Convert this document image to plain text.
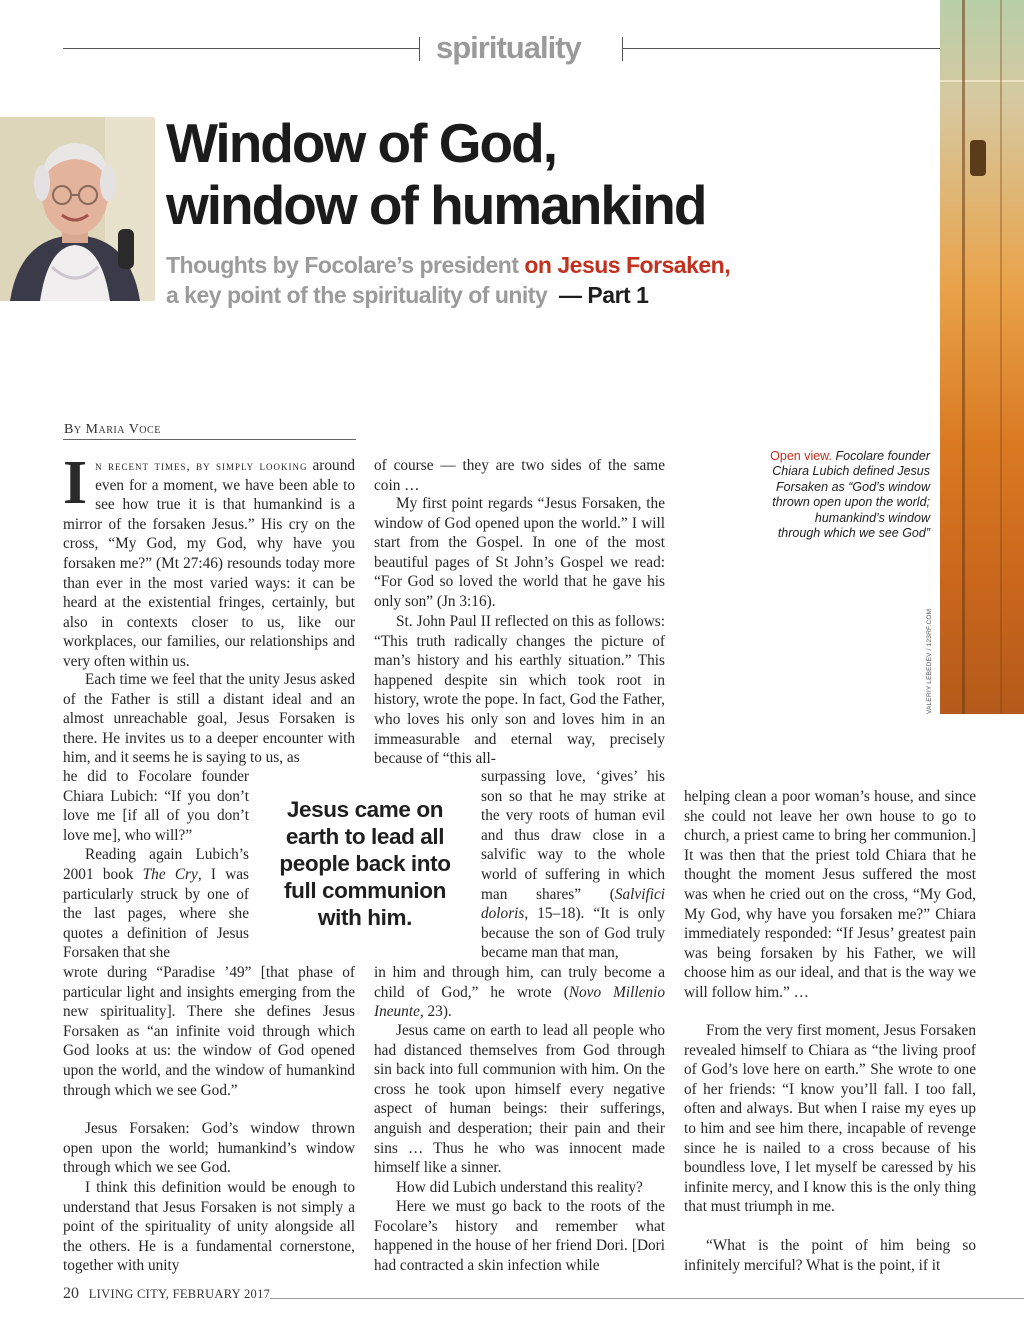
spirituality
Window of God,
window of humankind

Thoughts by Focolare’s president on Jesus Forsaken,
a key point of the spirituality of unity — Part 1

By Maria Voce
Open view. Focolare founder Chiara Lubich defined Jesus Forsaken as “God’s window thrown open upon the world; humankind’s window through which we see God”
VALERIY LEBEDEV / 123RF.COM

In recent times, by simply looking around even for a moment, we have been able to see how true it is that humankind is a mirror of the forsaken Jesus.” His cry on the cross, “My God, my God, why have you forsaken me?” (Mt 27:46) resounds today more than ever in the most varied ways: it can be heard at the existential fringes, certainly, but also in contexts closer to us, like our workplaces, our families, our relationships and very often within us.

Each time we feel that the unity Jesus asked of the Father is still a distant ideal and an almost unreachable goal, Jesus Forsaken is there. He invites us to a deeper encounter with him, and it seems he is saying to us, as

he did to Focolare founder Chiara Lubich: “If you don’t love me [if all of you don’t love me], who will?”
Reading again Lubich’s 2001 book The Cry, I was particularly struck by one of the last pages, where she quotes a definition of Jesus Forsaken that she

wrote during “Paradise ’49” [that phase of particular light and insights emerging from the new spirituality]. There she defines Jesus Forsaken as “an infinite void through which God looks at us: the window of God opened upon the world, and the window of humankind through which we see God.”

Jesus Forsaken: God’s window thrown open upon the world; humankind’s window through which we see God.

I think this definition would be enough to understand that Jesus Forsaken is not simply a point of the spirituality of unity alongside all the others. He is a fundamental cornerstone, together with unity

Jesus came on earth to lead all people back into full communion with him.

of course — they are two sides of the same coin …

My first point regards “Jesus Forsaken, the window of God opened upon the world.” I will start from the Gospel. In one of the most beautiful pages of St John’s Gospel we read: “For God so loved the world that he gave his only son” (Jn 3:16).

St. John Paul II reflected on this as follows: “This truth radically changes the picture of man’s history and his earthly situation.” This happened despite sin which took root in history, wrote the pope. In fact, God the Father, who loves his only son and loves him in an immeasurable and eternal way, precisely because of “this all-

surpassing love, ‘gives’ his son so that he may strike at the very roots of human evil and thus draw close in a salvific way to the whole world of suffering in which man shares” (Salvifici doloris, 15–18). “It is only because the son of God truly became man that man,

in him and through him, can truly become a child of God,” he wrote (Novo Millenio Ineunte, 23).

Jesus came on earth to lead all people who had distanced themselves from God through sin back into full communion with him. On the cross he took upon himself every negative aspect of human beings: their sufferings, anguish and desperation; their pain and their sins … Thus he who was innocent made himself like a sinner.

How did Lubich understand this reality?

Here we must go back to the roots of the Focolare’s history and remember what happened in the house of her friend Dori. [Dori had contracted a skin infection while

helping clean a poor woman’s house, and since she could not leave her own house to go to church, a priest came to bring her communion.] It was then that the priest told Chiara that he thought the moment Jesus suffered the most was when he cried out on the cross, “My God, My God, why have you forsaken me?” Chiara immediately responded: “If Jesus’ greatest pain was being forsaken by his Father, we will choose him as our ideal, and that is the way we will follow him.” …

From the very first moment, Jesus Forsaken revealed himself to Chiara as “the living proof of God’s love here on earth.” She wrote to one of her friends: “I know you’ll fall. I too fall, often and always. But when I raise my eyes up to him and see him there, incapable of revenge since he is nailed to a cross because of his boundless love, I let myself be caressed by his infinite mercy, and I know this is the only thing that must triumph in me.

“What is the point of him being so infinitely merciful? What is the point, if it

20 LIVING CITY, FEBRUARY 2017
